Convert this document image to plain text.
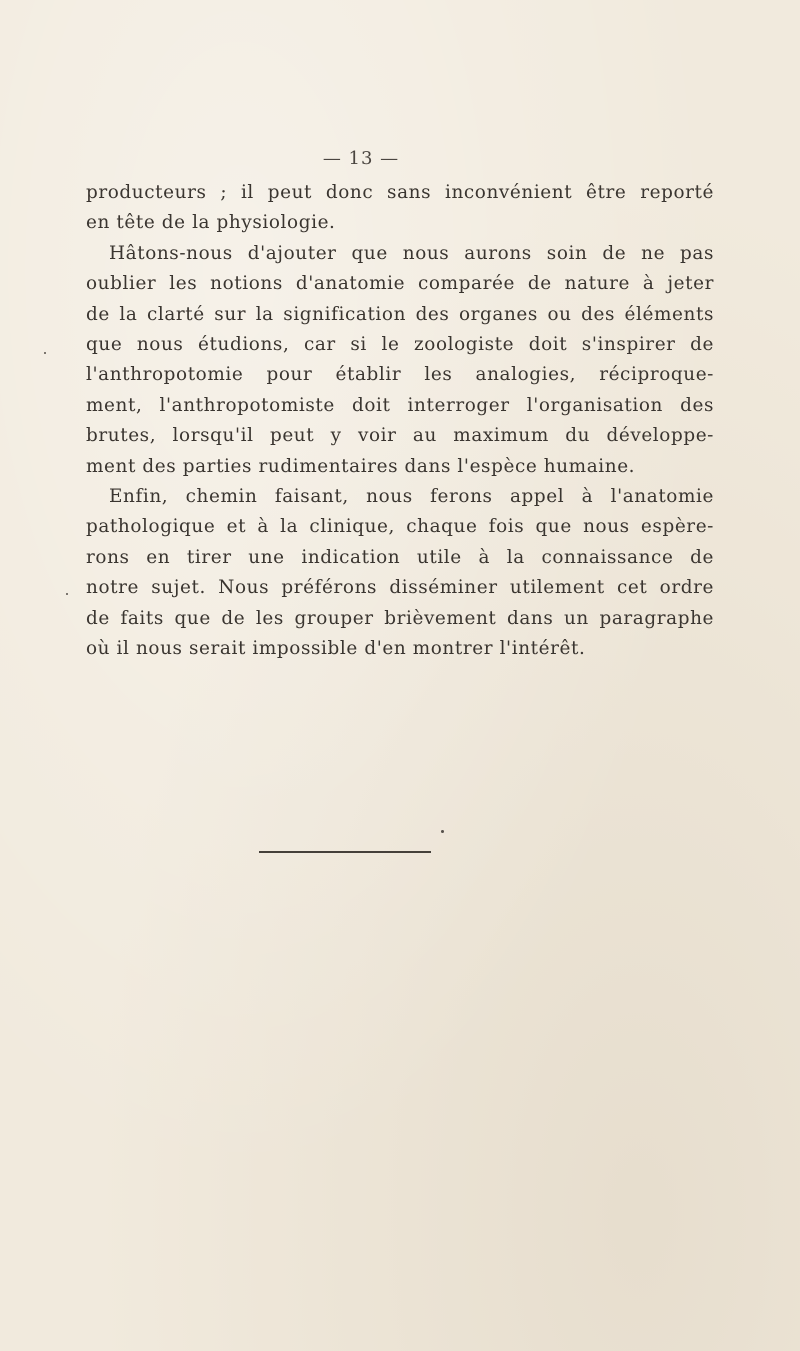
— 13 —
producteurs ; il peut donc sans inconvénient être reporté
en tête de la physiologie.
Hâtons-nous d'ajouter que nous aurons soin de ne pas
oublier les notions d'anatomie comparée de nature à jeter
de la clarté sur la signification des organes ou des éléments
que nous étudions, car si le zoologiste doit s'inspirer de
l'anthropotomie pour établir les analogies, réciproque-
ment, l'anthropotomiste doit interroger l'organisation des
brutes, lorsqu'il peut y voir au maximum du développe-
ment des parties rudimentaires dans l'espèce humaine.
Enfin, chemin faisant, nous ferons appel à l'anatomie
pathologique et à la clinique, chaque fois que nous espère-
rons en tirer une indication utile à la connaissance de
notre sujet. Nous préférons disséminer utilement cet ordre
de faits que de les grouper brièvement dans un paragraphe
où il nous serait impossible d'en montrer l'intérêt.
